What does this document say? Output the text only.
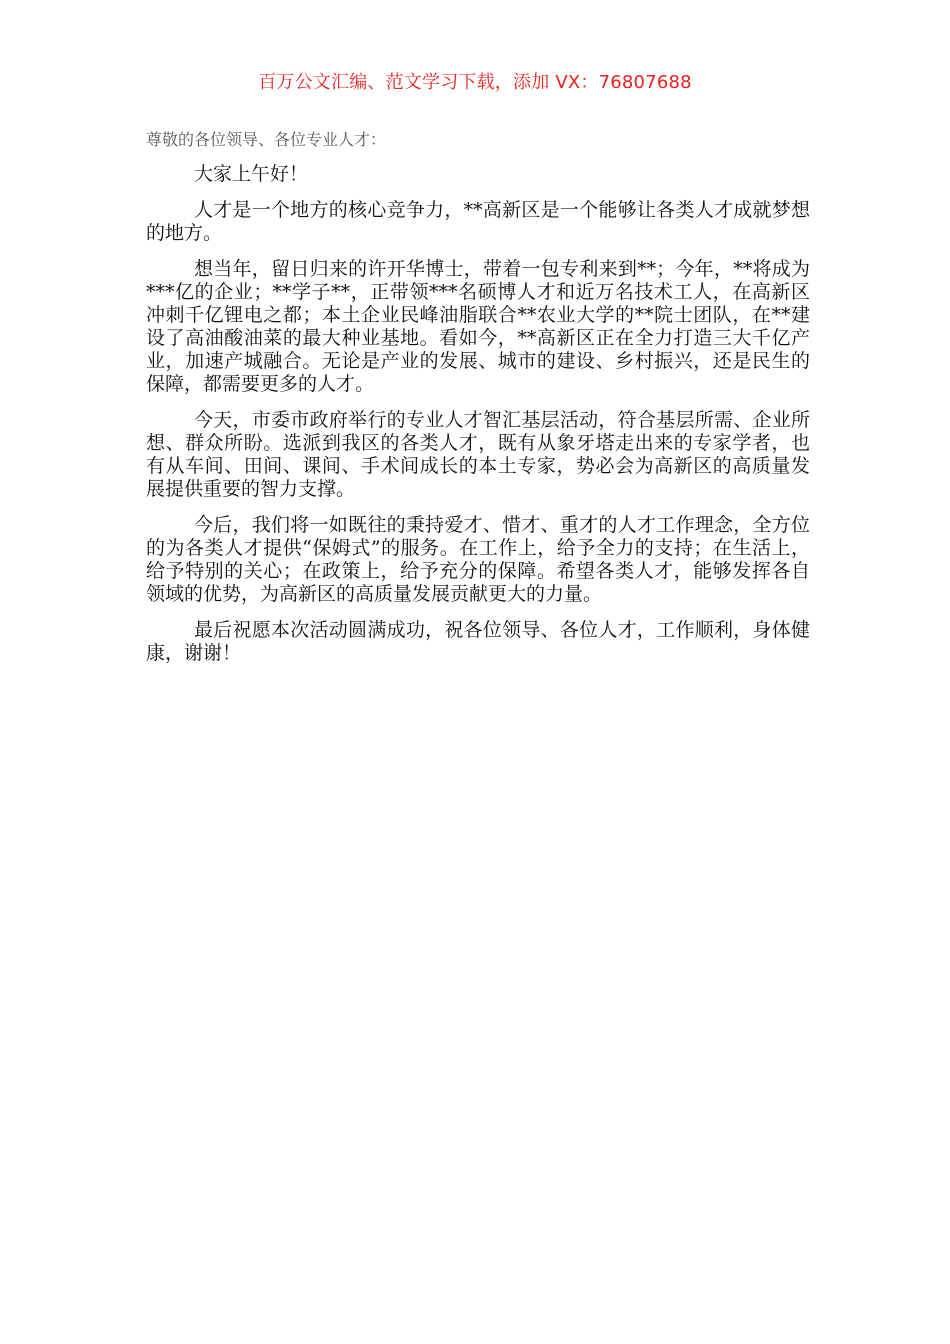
百万公文汇编、范文学习下载，添加 VX：76807688
尊敬的各位领导、各位专业人才：

大家上午好！

人才是一个地方的核心竞争力，**高新区是一个能够让各类人才成就梦想的地方。

想当年，留日归来的许开华博士，带着一包专利来到**；今年，**将成为***亿的企业；**学子**，正带领***名硕博人才和近万名技术工人，在高新区冲刺千亿锂电之都；本土企业民峰油脂联合**农业大学的**院士团队，在**建设了高油酸油菜的最大种业基地。看如今，**高新区正在全力打造三大千亿产业，加速产城融合。无论是产业的发展、城市的建设、乡村振兴，还是民生的保障，都需要更多的人才。

今天，市委市政府举行的专业人才智汇基层活动，符合基层所需、企业所想、群众所盼。选派到我区的各类人才，既有从象牙塔走出来的专家学者，也有从车间、田间、课间、手术间成长的本土专家，势必会为高新区的高质量发展提供重要的智力支撑。

今后，我们将一如既往的秉持爱才、惜才、重才的人才工作理念，全方位的为各类人才提供“保姆式”的服务。在工作上，给予全力的支持；在生活上，给予特别的关心；在政策上，给予充分的保障。希望各类人才，能够发挥各自领域的优势，为高新区的高质量发展贡献更大的力量。

最后祝愿本次活动圆满成功，祝各位领导、各位人才，工作顺利，身体健康，谢谢！
